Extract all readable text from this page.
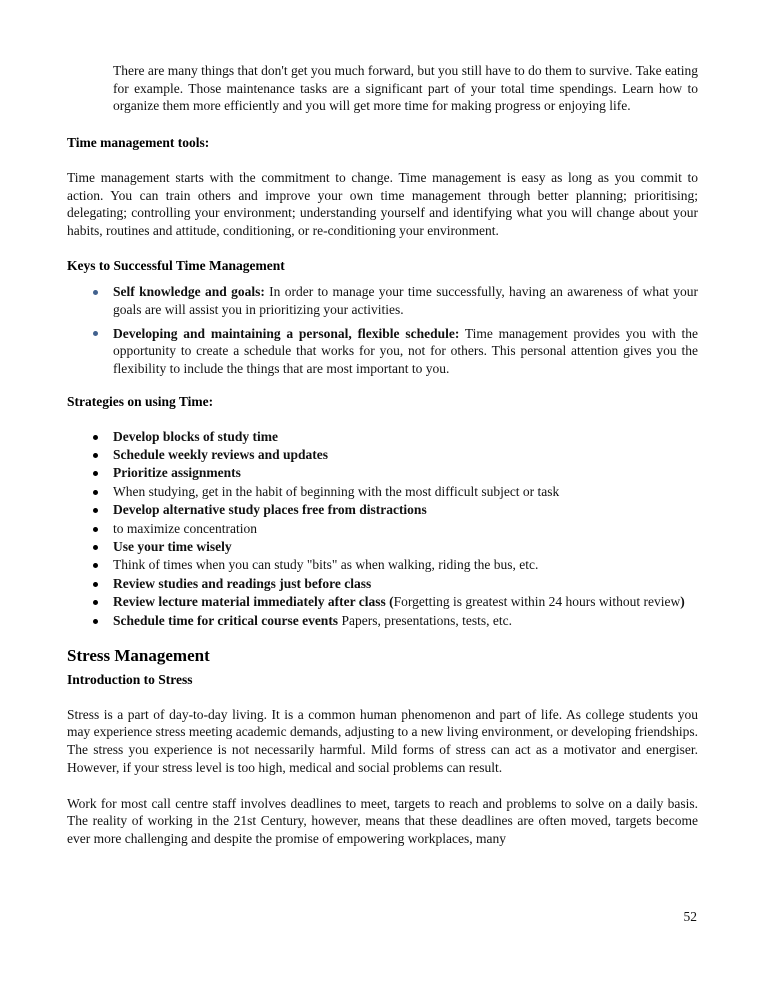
There are many things that don't get you much forward, but you still have to do them to survive. Take eating for example. Those maintenance tasks are a significant part of your total time spendings. Learn how to organize them more efficiently and you will get more time for making progress or enjoying life.

Time management tools:

Time management starts with the commitment to change. Time management is easy as long as you commit to action. You can train others and improve your own time management through better planning; prioritising; delegating; controlling your environment; understanding yourself and identifying what you will change about your habits, routines and attitude, conditioning, or re-conditioning your environment.

Keys to Successful Time Management
Self knowledge and goals: In order to manage your time successfully, having an awareness of what your goals are will assist you in prioritizing your activities.
Developing and maintaining a personal, flexible schedule: Time management provides you with the opportunity to create a schedule that works for you, not for others. This personal attention gives you the flexibility to include the things that are most important to you.
Strategies on using Time:
Develop blocks of study time
Schedule weekly reviews and updates
Prioritize assignments
When studying, get in the habit of beginning with the most difficult subject or task
Develop alternative study places free from distractions
to maximize concentration
Use your time wisely
Think of times when you can study "bits" as when walking, riding the bus, etc.
Review studies and readings just before class
Review lecture material immediately after class (Forgetting is greatest within 24 hours without review)
Schedule time for critical course events Papers, presentations, tests, etc.
Stress Management
Introduction to Stress

Stress is a part of day-to-day living. It is a common human phenomenon and part of life. As college students you may experience stress meeting academic demands, adjusting to a new living environment, or developing friendships. The stress you experience is not necessarily harmful. Mild forms of stress can act as a motivator and energiser. However, if your stress level is too high, medical and social problems can result.

Work for most call centre staff involves deadlines to meet, targets to reach and problems to solve on a daily basis. The reality of working in the 21st Century, however, means that these deadlines are often moved, targets become ever more challenging and despite the promise of empowering workplaces, many

52
